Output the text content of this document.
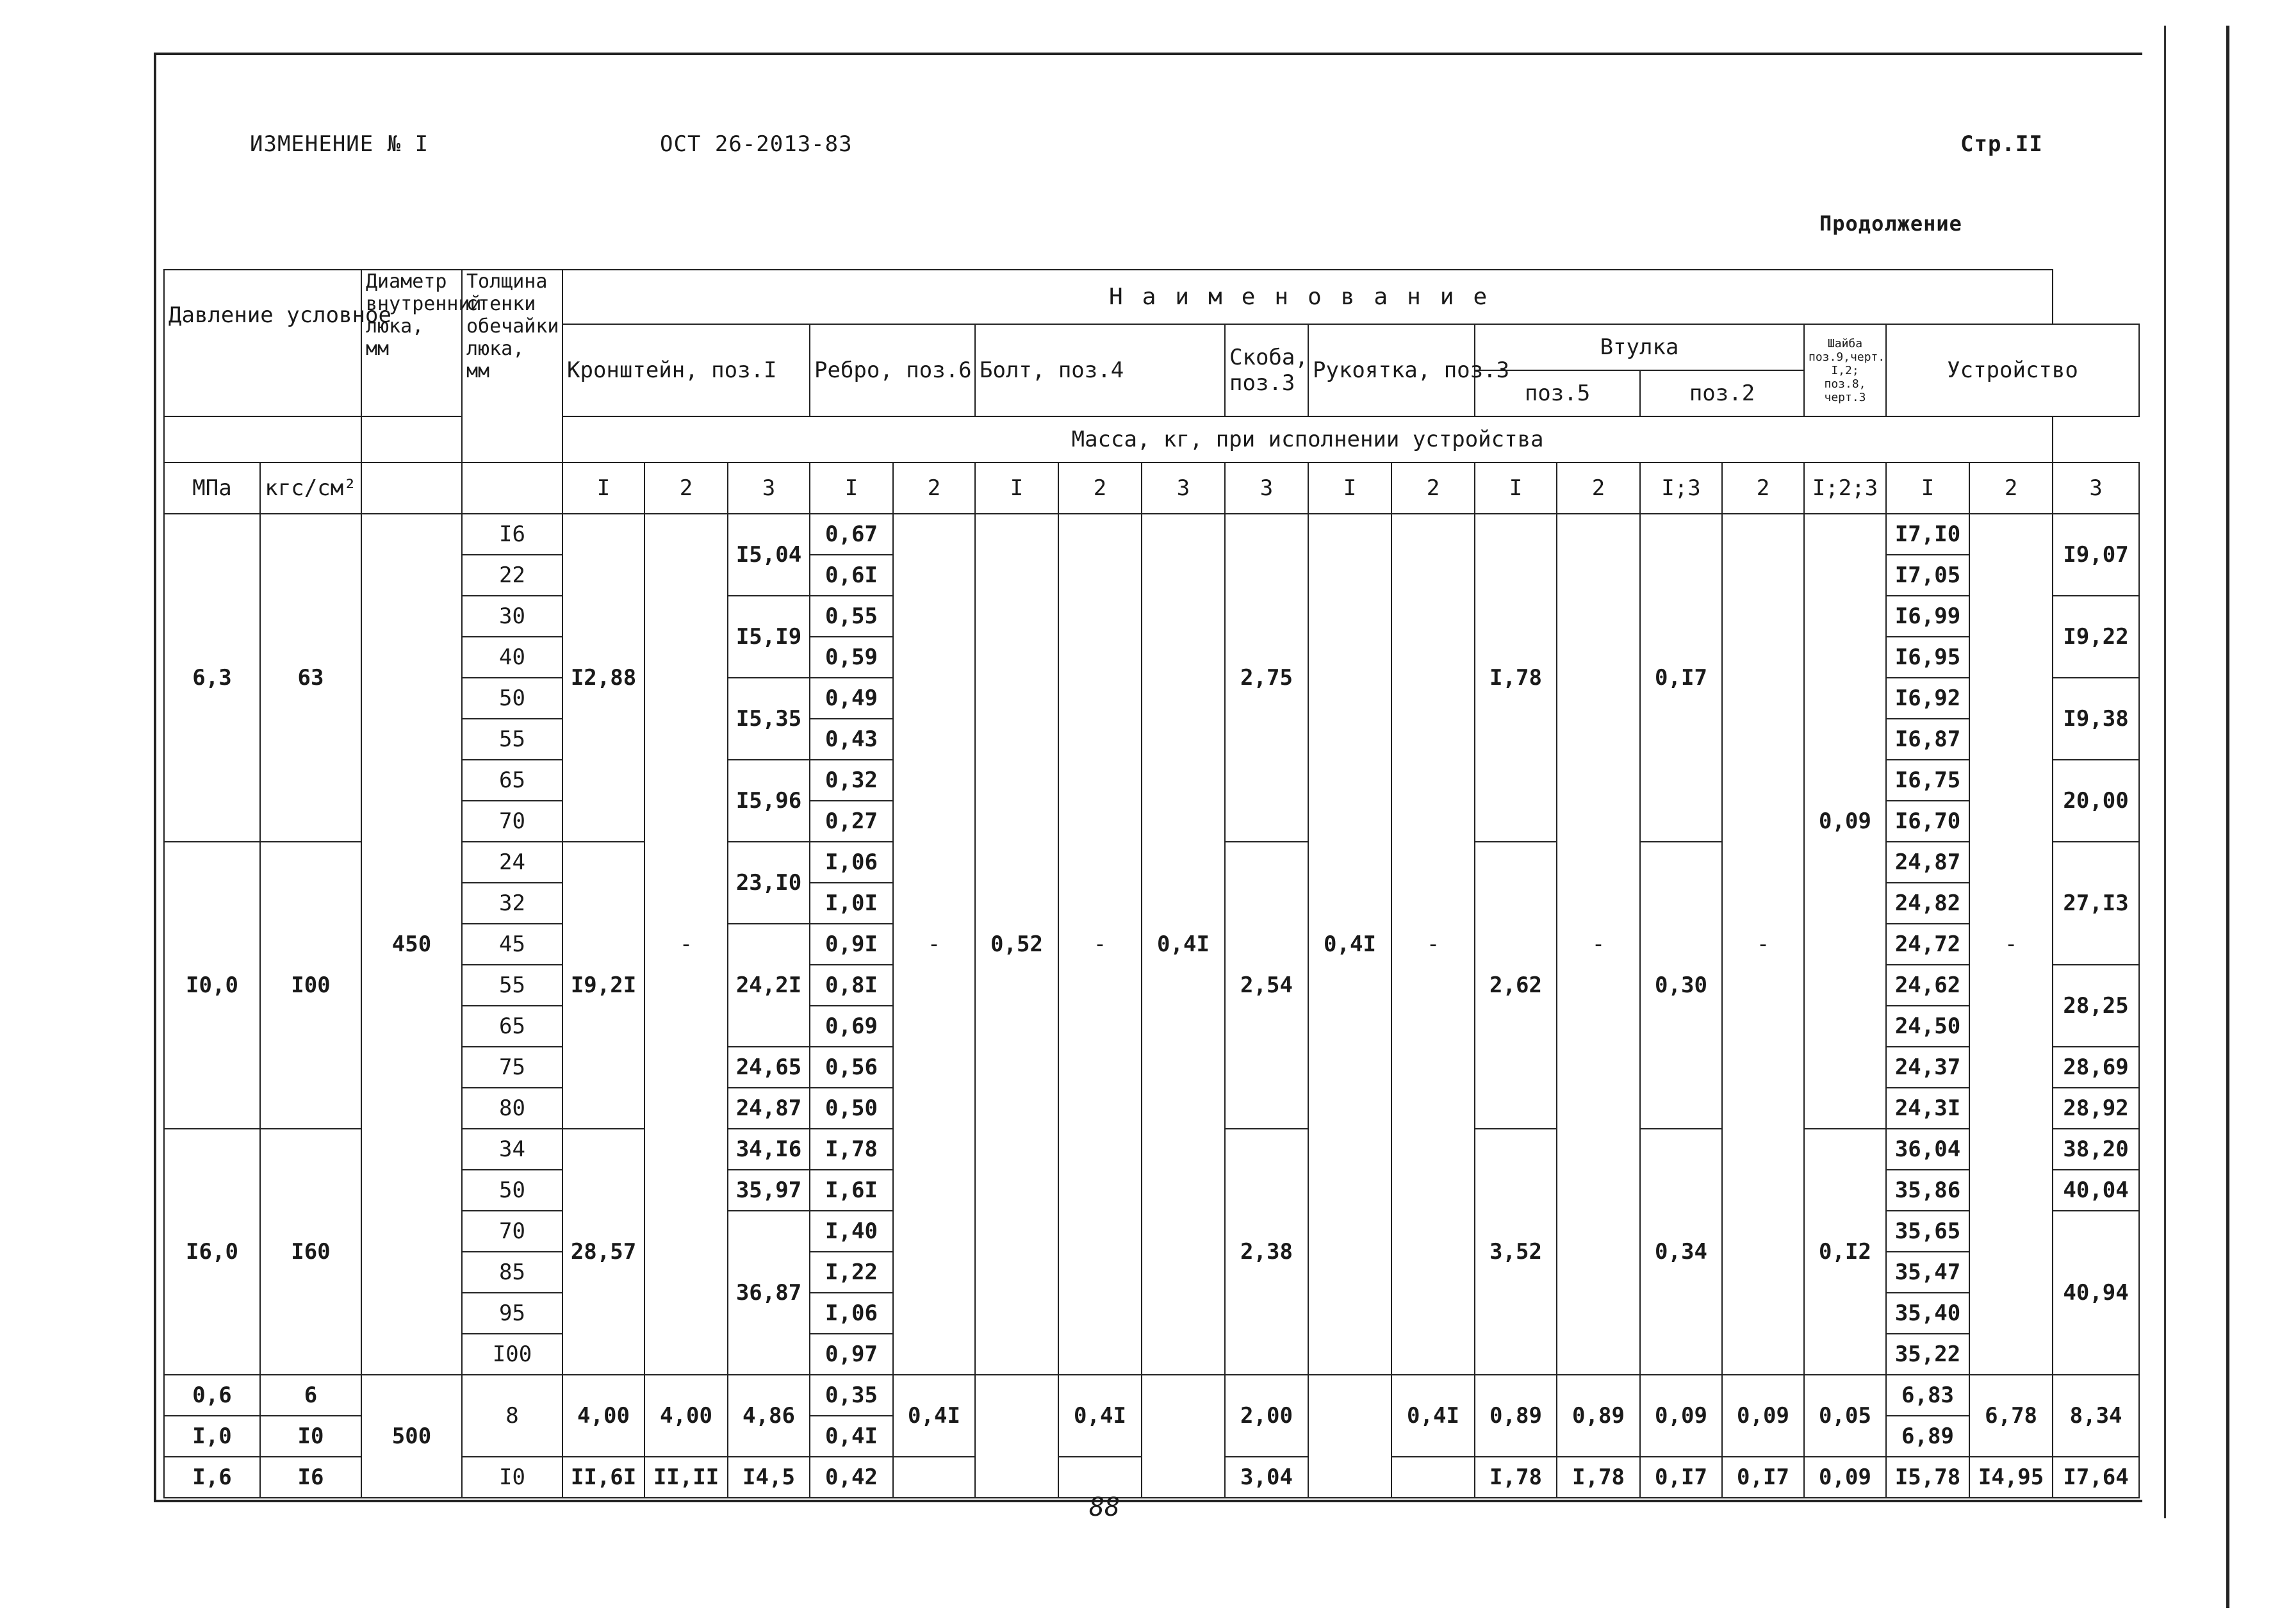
ИЗМЕНЕНИЕ № I	ОСТ 26-2013-83	Стр.II
Продолжение
Давление условное		Диаметр внутренний люка,
мм	Толщина стенки обечайки люка,
мм	Наименование																		
				Кронштейн, поз.I			Ребро, поз.6		Болт, поз.4			Скоба, поз.3	Рукоятка, поз.3		Втулка				Шайба поз.9,черт. I,2; поз.8, черт.3	Устройство		
															поз.5		поз.2					
				Масса, кг, при исполнении устройства																		
МПа	кгс/см²			I	2	3	I	2	I	2	3	3	I	2	I	2	I;3	2	I;2;3	I	2	3
6,3	63	450	I6	I2,88	-	I5,04	0,67	-	0,52	-	0,4I	2,75	0,4I	-	I,78	-	0,I7	-	0,09	I7,I0	-	I9,07
			22				0,6I													I7,05		
			30			I5,I9	0,55													I6,99		I9,22
			40				0,59													I6,95		
			50			I5,35	0,49													I6,92		I9,38
			55				0,43													I6,87		
			65			I5,96	0,32													I6,75		20,00
			70				0,27													I6,70		
I0,0	I00		24	I9,2I		23,I0	I,06					2,54			2,62		0,30			24,87		27,I3
			32				I,0I													24,82		
			45			24,2I	0,9I													24,72		
			55				0,8I													24,62		28,25
			65				0,69													24,50		
			75			24,65	0,56													24,37		28,69
			80			24,87	0,50													24,3I		28,92
I6,0	I60		34	28,57		34,I6	I,78					2,38			3,52		0,34		0,I2	36,04		38,20
			50			35,97	I,6I													35,86		40,04
			70			36,87	I,40													35,65		40,94
			85				I,22													35,47		
			95				I,06													35,40		
			I00				0,97													35,22		
0,6	6	500	8	4,00	4,00	4,86	0,35	0,4I		0,4I		2,00		0,4I	0,89	0,89	0,09	0,09	0,05	6,83	6,78	8,34
I,0	I0						0,4I													6,89		
I,6	I6		I0	II,6I	II,II	I4,5	0,42					3,04			I,78	I,78	0,I7	0,I7	0,09	I5,78	I4,95	I7,64
88
